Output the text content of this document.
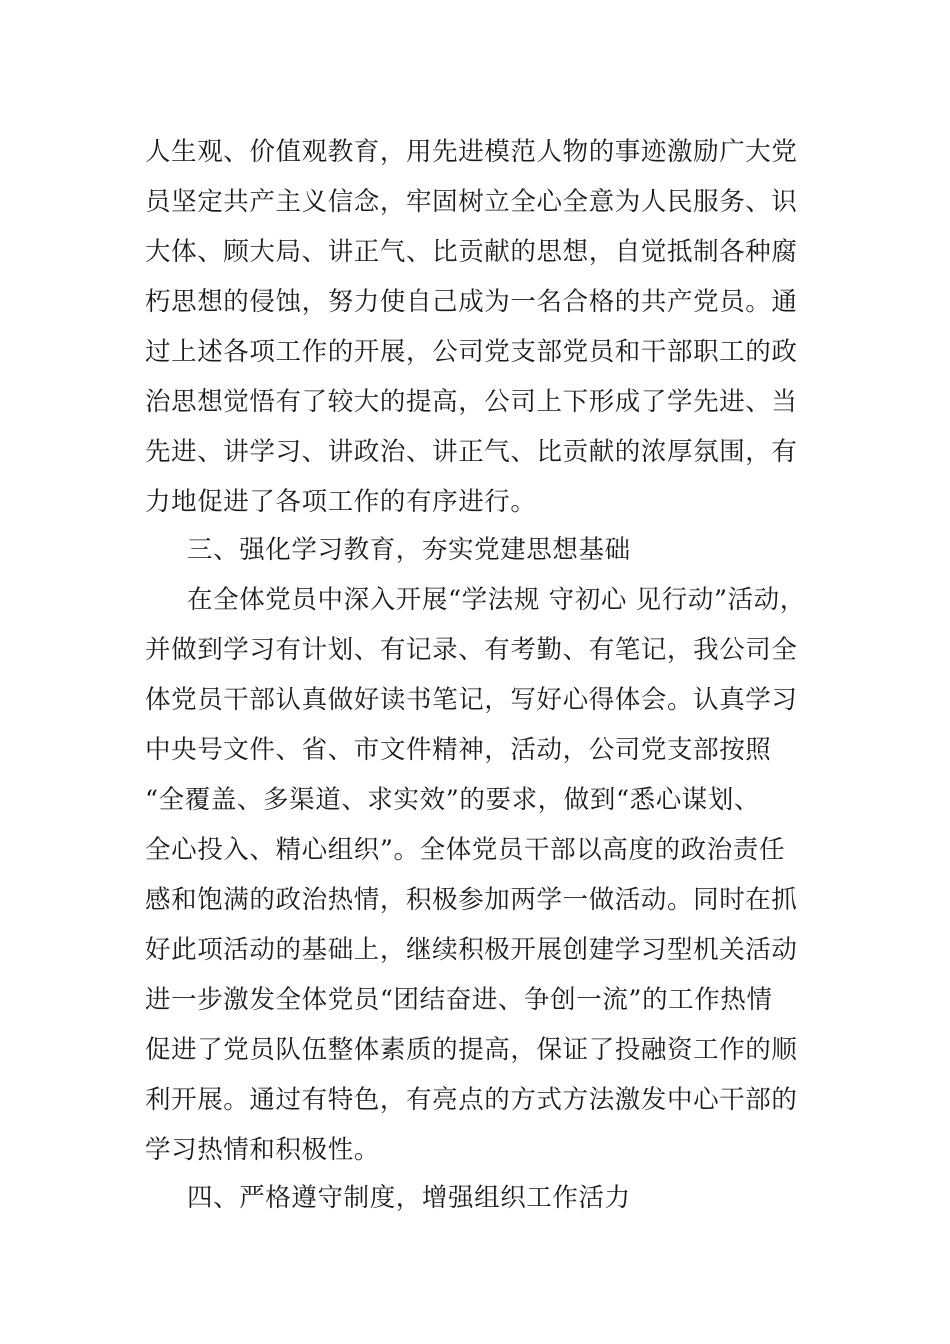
人生观、价值观教育，用先进模范人物的事迹激励广大党
员坚定共产主义信念，牢固树立全心全意为人民服务、识
大体、顾大局、讲正气、比贡献的思想，自觉抵制各种腐
朽思想的侵蚀，努力使自己成为一名合格的共产党员。通
过上述各项工作的开展，公司党支部党员和干部职工的政
治思想觉悟有了较大的提高，公司上下形成了学先进、当
先进、讲学习、讲政治、讲正气、比贡献的浓厚氛围，有
力地促进了各项工作的有序进行。
三、强化学习教育，夯实党建思想基础
在全体党员中深入开展“学法规 守初心 见行动”活动，
并做到学习有计划、有记录、有考勤、有笔记，我公司全
体党员干部认真做好读书笔记，写好心得体会。认真学习
中央号文件、省、市文件精神，活动，公司党支部按照
“全覆盖、多渠道、求实效”的要求，做到“悉心谋划、
全心投入、精心组织”。全体党员干部以高度的政治责任
感和饱满的政治热情，积极参加两学一做活动。同时在抓
好此项活动的基础上，继续积极开展创建学习型机关活动
进一步激发全体党员“团结奋进、争创一流”的工作热情
促进了党员队伍整体素质的提高，保证了投融资工作的顺
利开展。通过有特色，有亮点的方式方法激发中心干部的
学习热情和积极性。
四、严格遵守制度，增强组织工作活力
